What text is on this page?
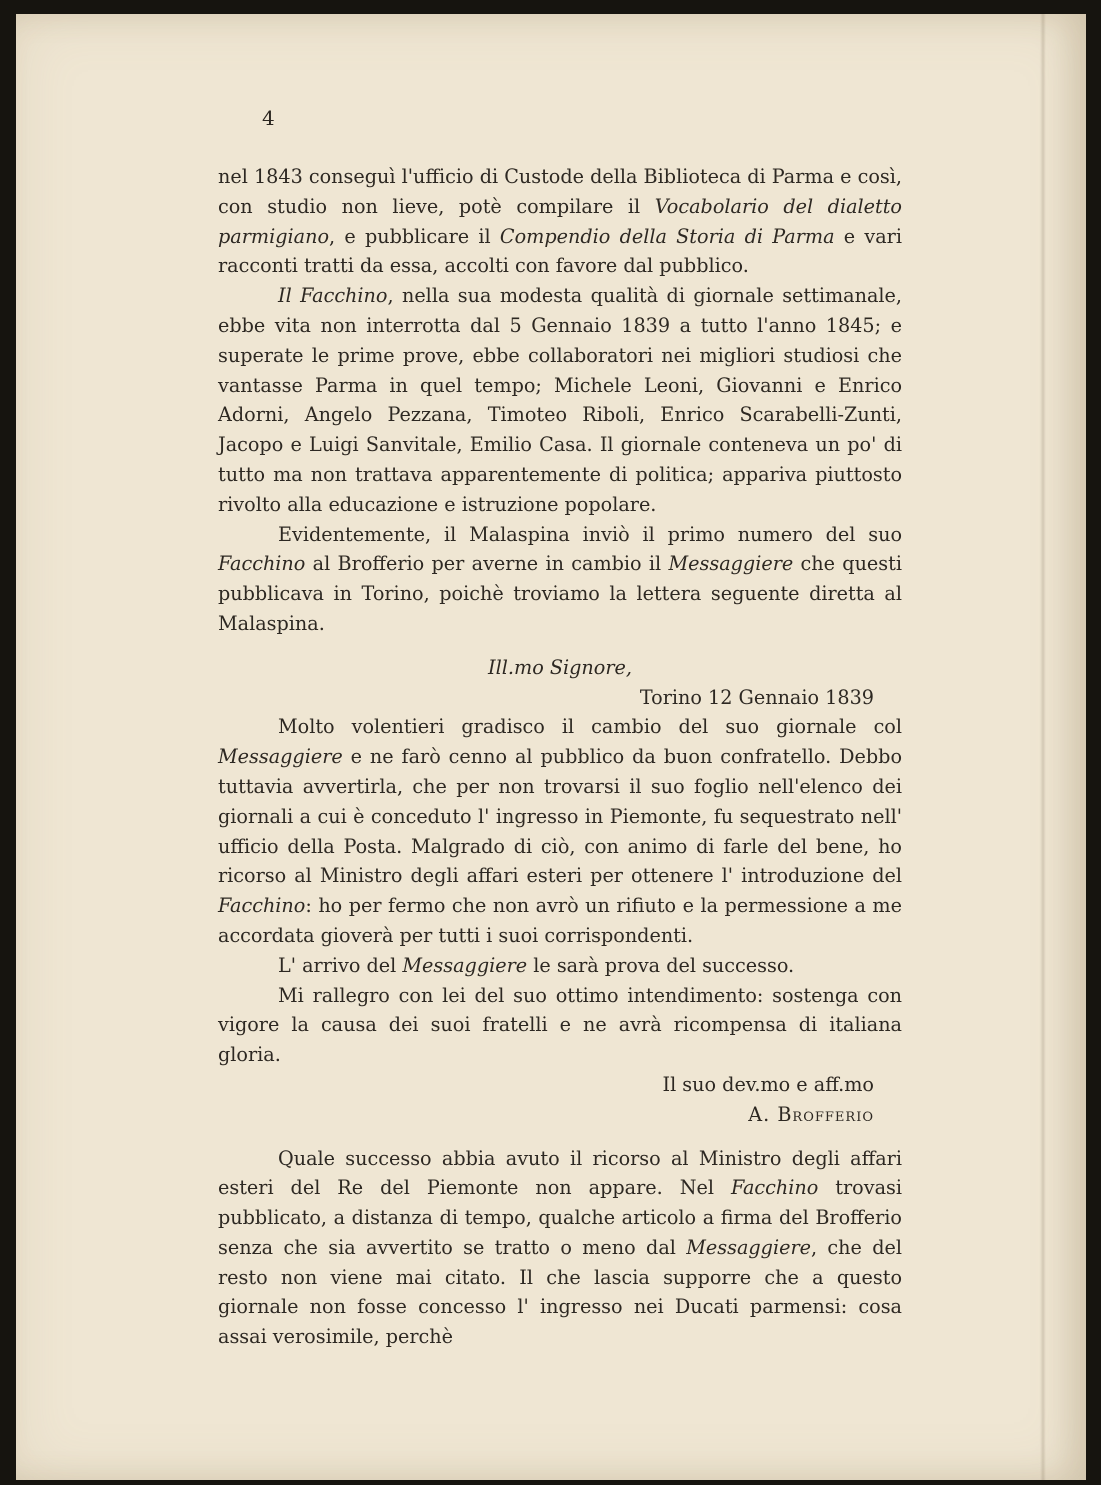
4

nel 1843 conseguì l'ufficio di Custode della Biblioteca di Parma e così, con studio non lieve, potè compilare il Vocabolario del dialetto parmigiano, e pubblicare il Compendio della Storia di Parma e vari racconti tratti da essa, accolti con favore dal pubblico.

Il Facchino, nella sua modesta qualità di giornale settimanale, ebbe vita non interrotta dal 5 Gennaio 1839 a tutto l'anno 1845; e superate le prime prove, ebbe collaboratori nei migliori studiosi che vantasse Parma in quel tempo; Michele Leoni, Giovanni e Enrico Adorni, Angelo Pezzana, Timoteo Riboli, Enrico Scarabelli-Zunti, Jacopo e Luigi Sanvitale, Emilio Casa. Il giornale conteneva un po' di tutto ma non trattava apparentemente di politica; appariva piuttosto rivolto alla educazione e istruzione popolare.

Evidentemente, il Malaspina inviò il primo numero del suo Facchino al Brofferio per averne in cambio il Messaggiere che questi pubblicava in Torino, poichè troviamo la lettera seguente diretta al Malaspina.

Ill.mo Signore,

Torino 12 Gennaio 1839

Molto volentieri gradisco il cambio del suo giornale col Messaggiere e ne farò cenno al pubblico da buon confratello. Debbo tuttavia avvertirla, che per non trovarsi il suo foglio nell'elenco dei giornali a cui è conceduto l' ingresso in Piemonte, fu sequestrato nell' ufficio della Posta. Malgrado di ciò, con animo di farle del bene, ho ricorso al Ministro degli affari esteri per ottenere l' introduzione del Facchino: ho per fermo che non avrò un rifiuto e la permessione a me accordata gioverà per tutti i suoi corrispondenti.

L' arrivo del Messaggiere le sarà prova del successo.

Mi rallegro con lei del suo ottimo intendimento: sostenga con vigore la causa dei suoi fratelli e ne avrà ricompensa di italiana gloria.

Il suo dev.mo e aff.mo

A. Brofferio

Quale successo abbia avuto il ricorso al Ministro degli affari esteri del Re del Piemonte non appare. Nel Facchino trovasi pubblicato, a distanza di tempo, qualche articolo a firma del Brofferio senza che sia avvertito se tratto o meno dal Messaggiere, che del resto non viene mai citato. Il che lascia supporre che a questo giornale non fosse concesso l' ingresso nei Ducati parmensi: cosa assai verosimile, perchè
